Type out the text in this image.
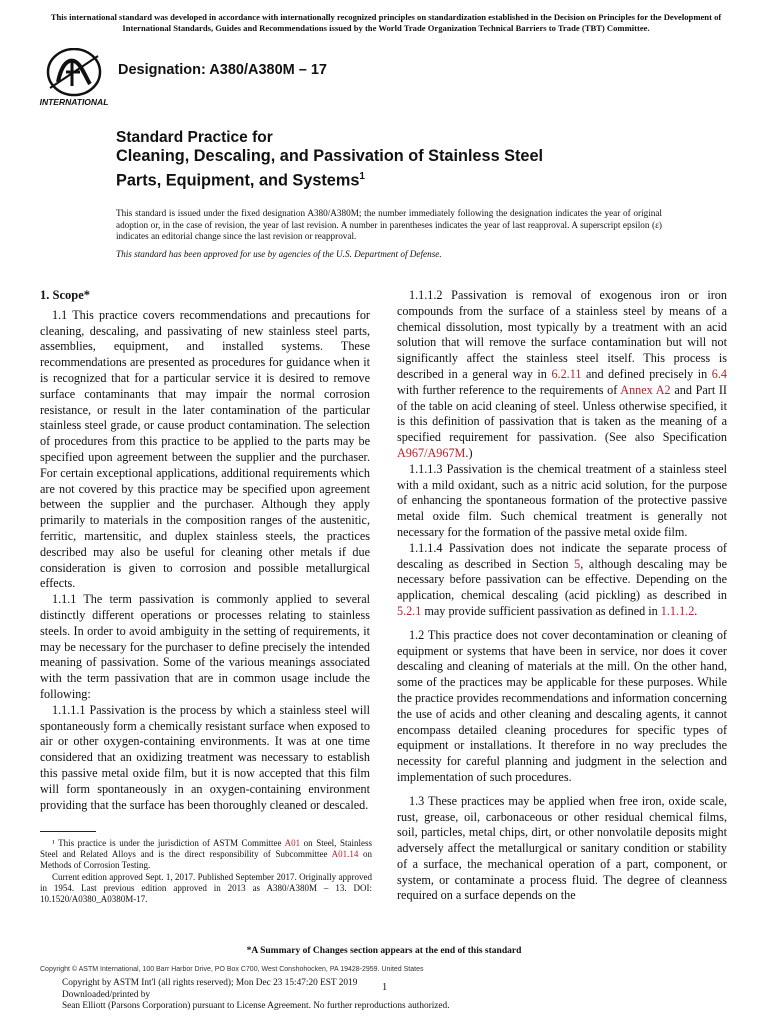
This international standard was developed in accordance with internationally recognized principles on standardization established in the Decision on Principles for the Development of International Standards, Guides and Recommendations issued by the World Trade Organization Technical Barriers to Trade (TBT) Committee.
INTERNATIONAL
Designation: A380/A380M – 17
Standard Practice for
Cleaning, Descaling, and Passivation of Stainless Steel
Parts, Equipment, and Systems$^1$
This standard is issued under the fixed designation A380/A380M; the number immediately following the designation indicates the year of original adoption or, in the case of revision, the year of last revision. A number in parentheses indicates the year of last reapproval. A superscript epsilon (ε) indicates an editorial change since the last revision or reapproval.
This standard has been approved for use by agencies of the U.S. Department of Defense.

1. Scope*

1.1 This practice covers recommendations and precautions for cleaning, descaling, and passivating of new stainless steel parts, assemblies, equipment, and installed systems. These recommendations are presented as procedures for guidance when it is recognized that for a particular service it is desired to remove surface contaminants that may impair the normal corrosion resistance, or result in the later contamination of the particular stainless steel grade, or cause product contamination. The selection of procedures from this practice to be applied to the parts may be specified upon agreement between the supplier and the purchaser. For certain exceptional applications, additional requirements which are not covered by this practice may be specified upon agreement between the supplier and the purchaser. Although they apply primarily to materials in the composition ranges of the austenitic, ferritic, martensitic, and duplex stainless steels, the practices described may also be useful for cleaning other metals if due consideration is given to corrosion and possible metallurgical effects.

1.1.1 The term passivation is commonly applied to several distinctly different operations or processes relating to stainless steels. In order to avoid ambiguity in the setting of requirements, it may be necessary for the purchaser to define precisely the intended meaning of passivation. Some of the various meanings associated with the term passivation that are in common usage include the following:

1.1.1.1 Passivation is the process by which a stainless steel will spontaneously form a chemically resistant surface when exposed to air or other oxygen-containing environments. It was at one time considered that an oxidizing treatment was necessary to establish this passive metal oxide film, but it is now accepted that this film will form spontaneously in an oxygen-containing environment providing that the surface has been thoroughly cleaned or descaled.

1.1.1.2 Passivation is removal of exogenous iron or iron compounds from the surface of a stainless steel by means of a chemical dissolution, most typically by a treatment with an acid solution that will remove the surface contamination but will not significantly affect the stainless steel itself. This process is described in a general way in 6.2.11 and defined precisely in 6.4 with further reference to the requirements of Annex A2 and Part II of the table on acid cleaning of steel. Unless otherwise specified, it is this definition of passivation that is taken as the meaning of a specified requirement for passivation. (See also Specification A967/A967M.)

1.1.1.3 Passivation is the chemical treatment of a stainless steel with a mild oxidant, such as a nitric acid solution, for the purpose of enhancing the spontaneous formation of the protective passive metal oxide film. Such chemical treatment is generally not necessary for the formation of the passive metal oxide film.

1.1.1.4 Passivation does not indicate the separate process of descaling as described in Section 5, although descaling may be necessary before passivation can be effective. Depending on the application, chemical descaling (acid pickling) as described in 5.2.1 may provide sufficient passivation as defined in 1.1.1.2.

1.2 This practice does not cover decontamination or cleaning of equipment or systems that have been in service, nor does it cover descaling and cleaning of materials at the mill. On the other hand, some of the practices may be applicable for these purposes. While the practice provides recommendations and information concerning the use of acids and other cleaning and descaling agents, it cannot encompass detailed cleaning procedures for specific types of equipment or installations. It therefore in no way precludes the necessity for careful planning and judgment in the selection and implementation of such procedures.

1.3 These practices may be applied when free iron, oxide scale, rust, grease, oil, carbonaceous or other residual chemical films, soil, particles, metal chips, dirt, or other nonvolatile deposits might adversely affect the metallurgical or sanitary condition or stability of a surface, the mechanical operation of a part, component, or system, or contaminate a process fluid. The degree of cleanness required on a surface depends on the

¹ This practice is under the jurisdiction of ASTM Committee A01 on Steel, Stainless Steel and Related Alloys and is the direct responsibility of Subcommittee A01.14 on Methods of Corrosion Testing.

Current edition approved Sept. 1, 2017. Published September 2017. Originally approved in 1954. Last previous edition approved in 2013 as A380/A380M – 13. DOI: 10.1520/A0380_A0380M-17.

*A Summary of Changes section appears at the end of this standard
Copyright © ASTM International, 100 Barr Harbor Drive, PO Box C700, West Conshohocken, PA 19428-2959. United States
Copyright by ASTM Int'l (all rights reserved); Mon Dec 23 15:47:20 EST 2019
Downloaded/printed by
Sean Elliott (Parsons Corporation) pursuant to License Agreement. No further reproductions authorized.
1
